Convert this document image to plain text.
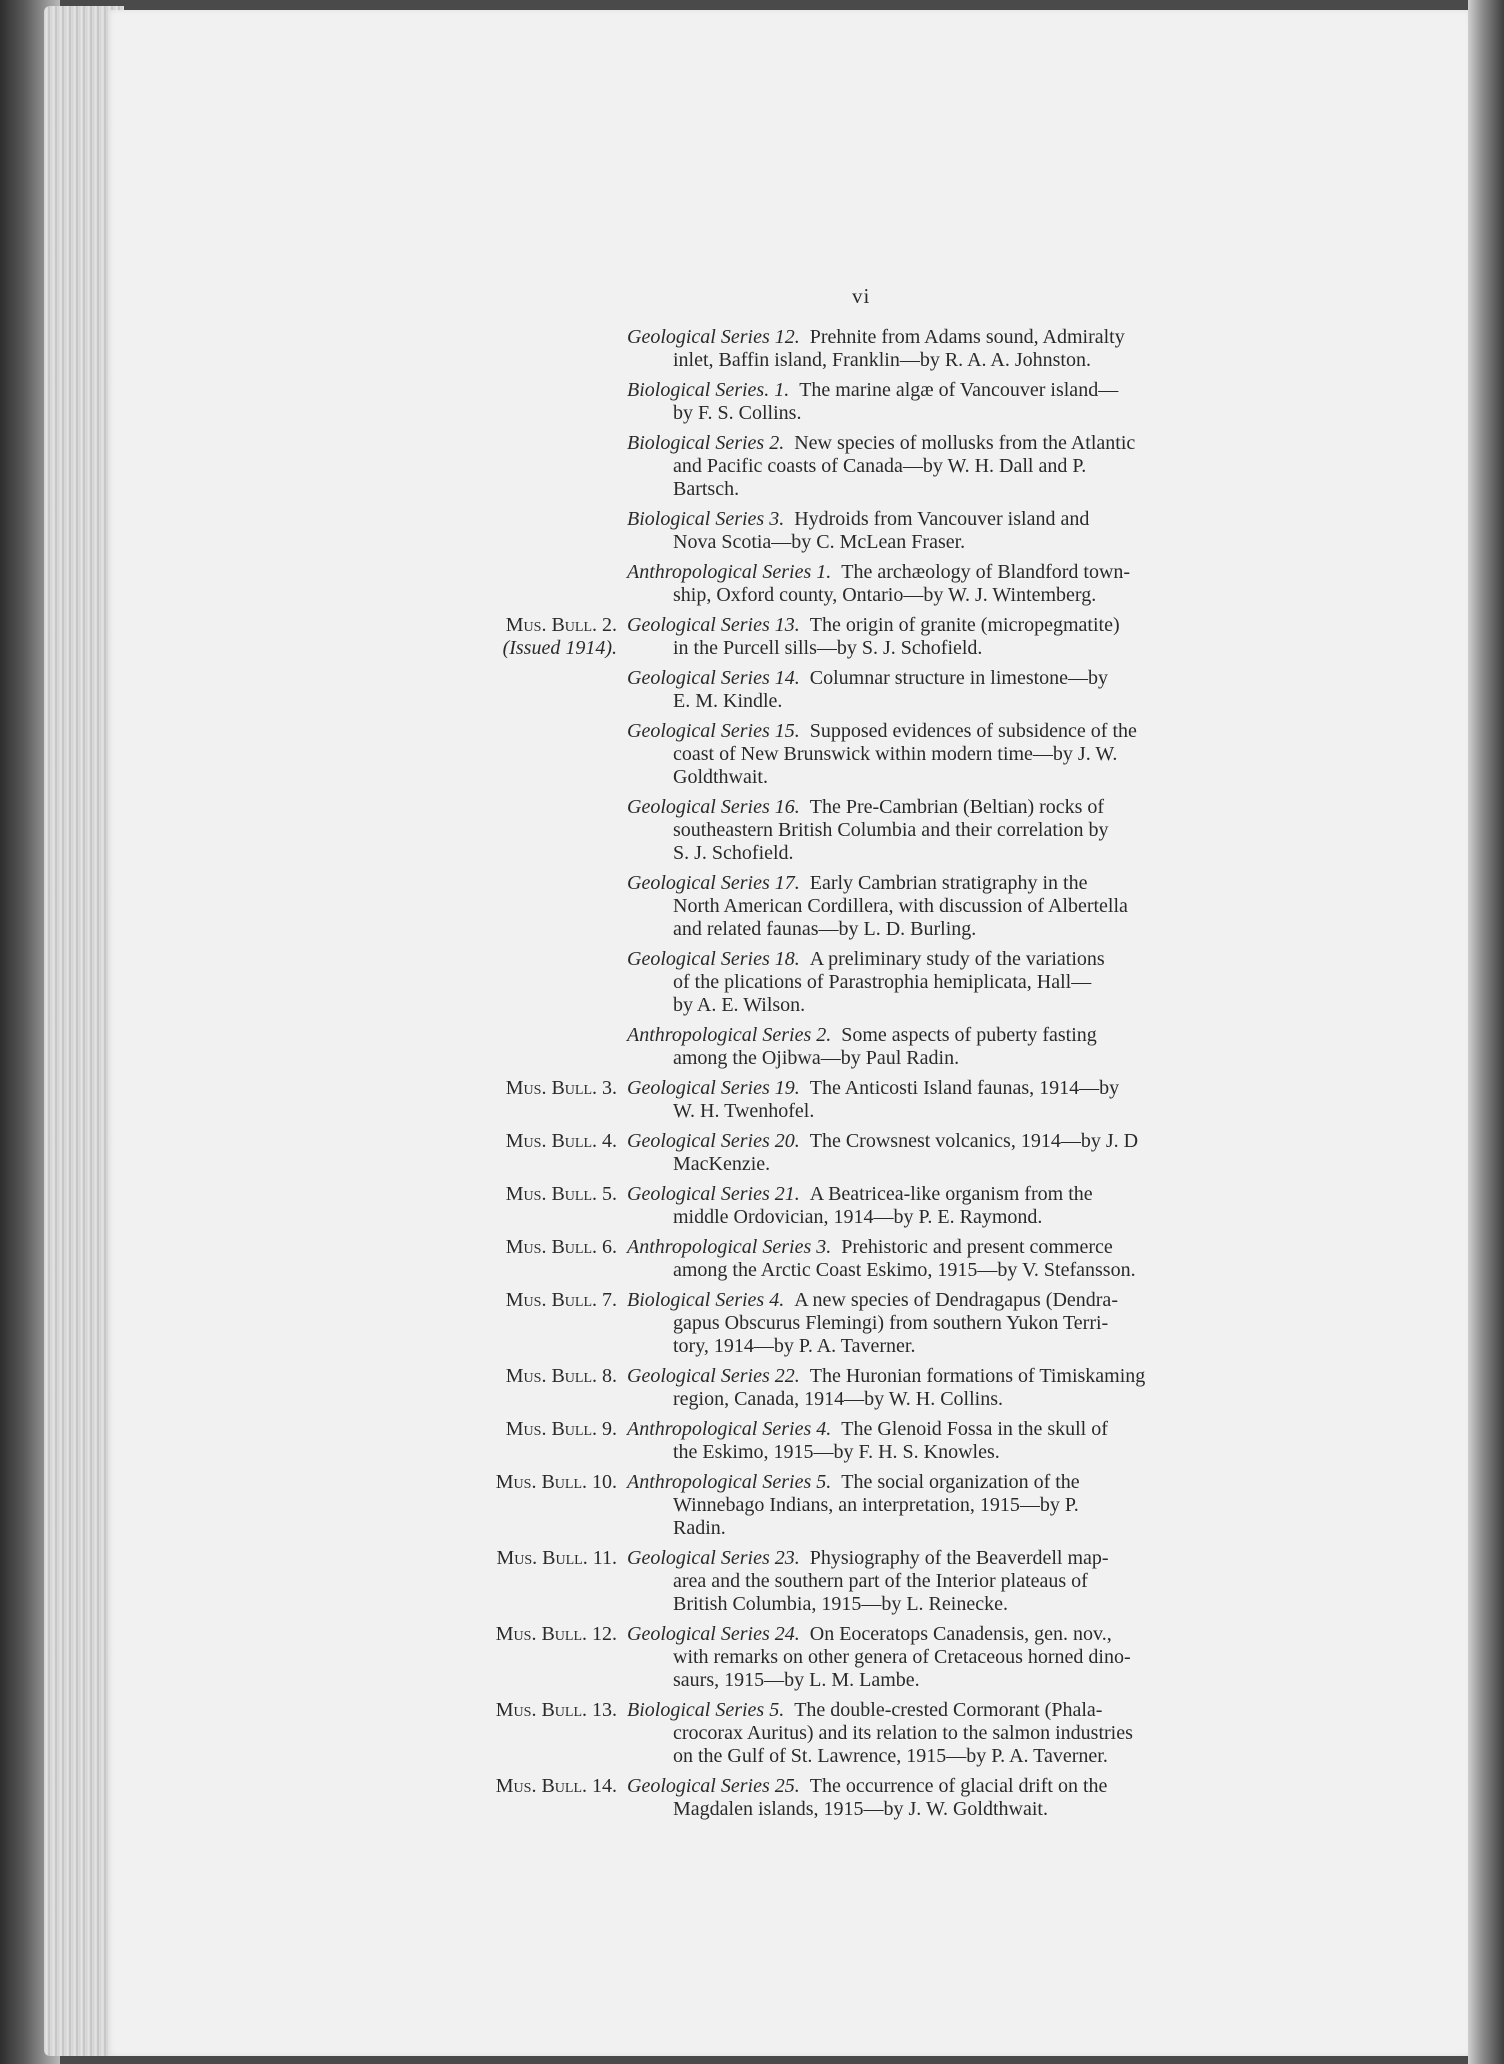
vi
Geological Series 12. Prehnite from Adams sound, Admiralty
inlet, Baffin island, Franklin—by R. A. A. Johnston.
Biological Series. 1. The marine algæ of Vancouver island—
by F. S. Collins.
Biological Series 2. New species of mollusks from the Atlantic
and Pacific coasts of Canada—by W. H. Dall and P.
Bartsch.
Biological Series 3. Hydroids from Vancouver island and
Nova Scotia—by C. McLean Fraser.
Anthropological Series 1. The archæology of Blandford town-
ship, Oxford county, Ontario—by W. J. Wintemberg.
Mus. Bull. 2.
(Issued 1914).
Geological Series 13. The origin of granite (micropegmatite)
in the Purcell sills—by S. J. Schofield.
Geological Series 14. Columnar structure in limestone—by
E. M. Kindle.
Geological Series 15. Supposed evidences of subsidence of the
coast of New Brunswick within modern time—by J. W.
Goldthwait.
Geological Series 16. The Pre-Cambrian (Beltian) rocks of
southeastern British Columbia and their correlation by
S. J. Schofield.
Geological Series 17. Early Cambrian stratigraphy in the
North American Cordillera, with discussion of Albertella
and related faunas—by L. D. Burling.
Geological Series 18. A preliminary study of the variations
of the plications of Parastrophia hemiplicata, Hall—
by A. E. Wilson.
Anthropological Series 2. Some aspects of puberty fasting
among the Ojibwa—by Paul Radin.
Mus. Bull. 3. Geological Series 19. The Anticosti Island faunas, 1914—by
W. H. Twenhofel.
Mus. Bull. 4. Geological Series 20. The Crowsnest volcanics, 1914—by J. D
MacKenzie.
Mus. Bull. 5. Geological Series 21. A Beatricea-like organism from the
middle Ordovician, 1914—by P. E. Raymond.
Mus. Bull. 6. Anthropological Series 3. Prehistoric and present commerce
among the Arctic Coast Eskimo, 1915—by V. Stefansson.
Mus. Bull. 7. Biological Series 4. A new species of Dendragapus (Dendra-
gapus Obscurus Flemingi) from southern Yukon Terri-
tory, 1914—by P. A. Taverner.
Mus. Bull. 8. Geological Series 22. The Huronian formations of Timiskaming
region, Canada, 1914—by W. H. Collins.
Mus. Bull. 9. Anthropological Series 4. The Glenoid Fossa in the skull of
the Eskimo, 1915—by F. H. S. Knowles.
Mus. Bull. 10. Anthropological Series 5. The social organization of the
Winnebago Indians, an interpretation, 1915—by P.
Radin.
Mus. Bull. 11. Geological Series 23. Physiography of the Beaverdell map-
area and the southern part of the Interior plateaus of
British Columbia, 1915—by L. Reinecke.
Mus. Bull. 12. Geological Series 24. On Eoceratops Canadensis, gen. nov.,
with remarks on other genera of Cretaceous horned dino-
saurs, 1915—by L. M. Lambe.
Mus. Bull. 13. Biological Series 5. The double-crested Cormorant (Phala-
crocorax Auritus) and its relation to the salmon industries
on the Gulf of St. Lawrence, 1915—by P. A. Taverner.
Mus. Bull. 14. Geological Series 25. The occurrence of glacial drift on the
Magdalen islands, 1915—by J. W. Goldthwait.
